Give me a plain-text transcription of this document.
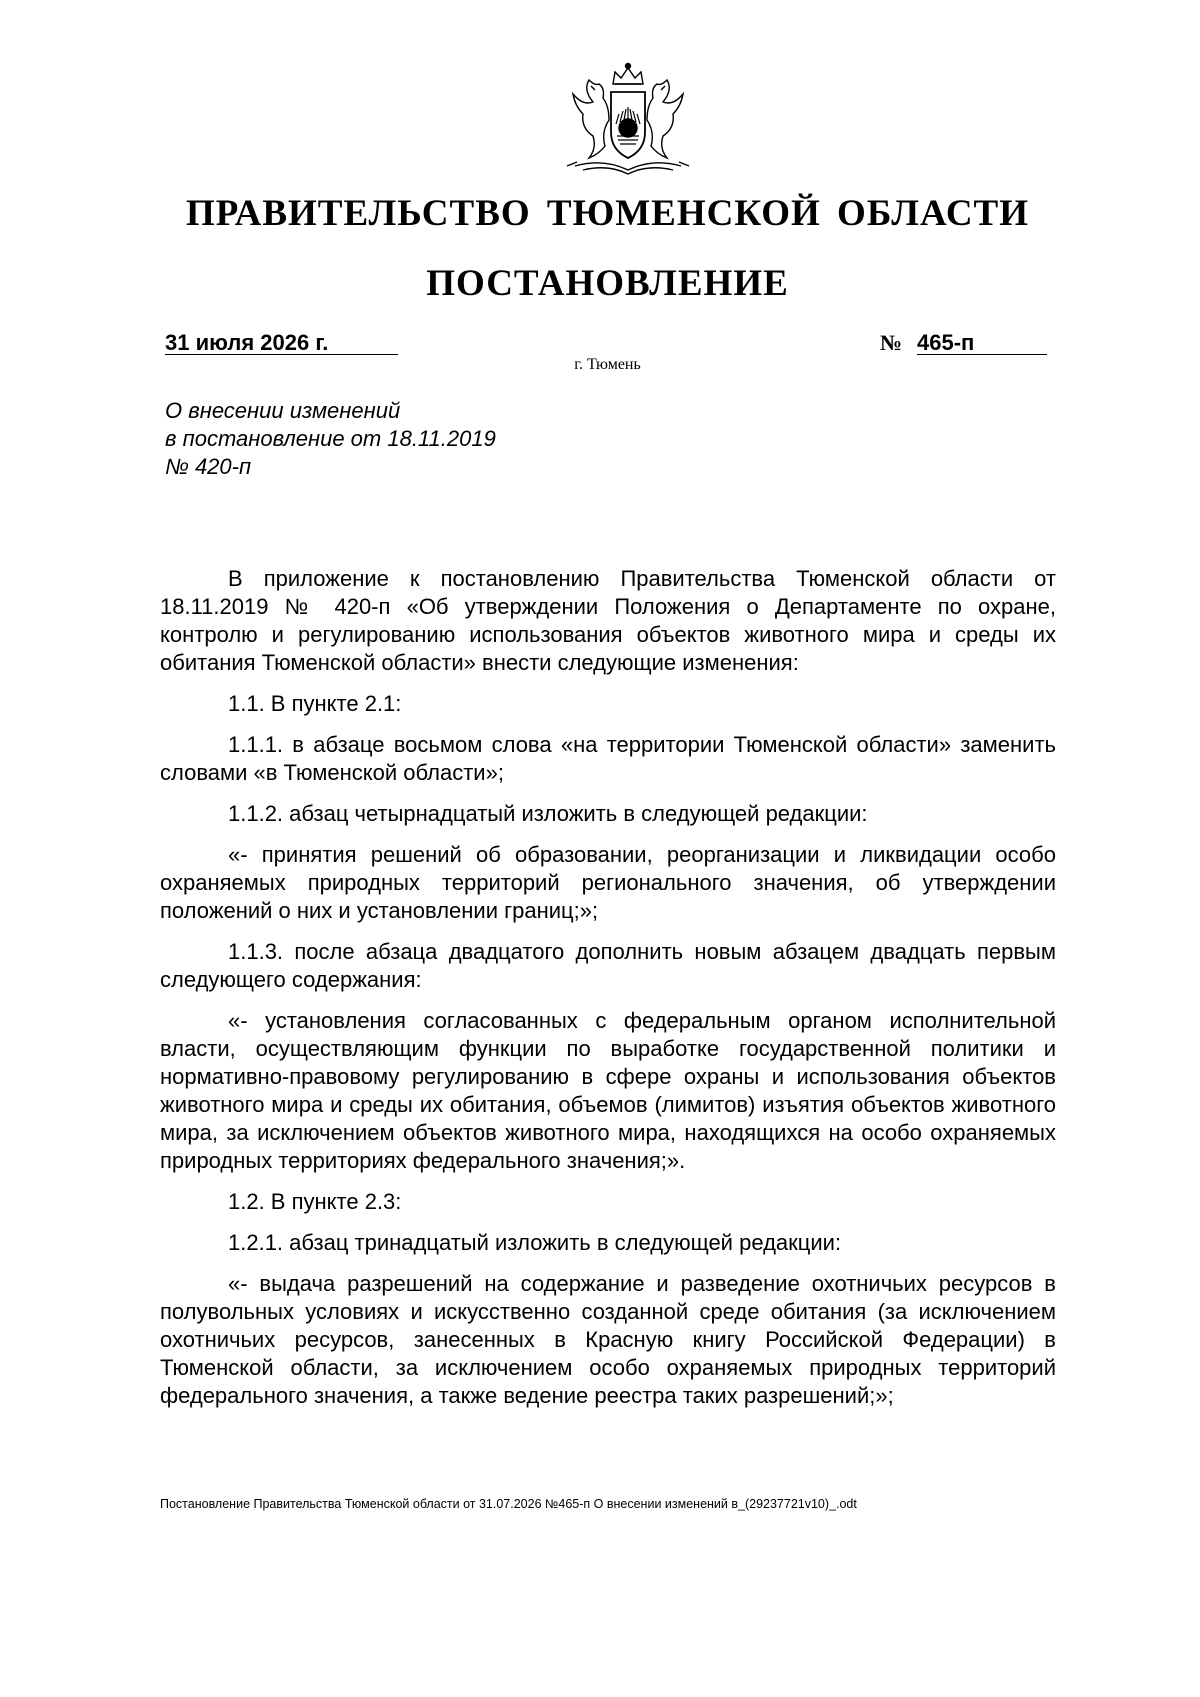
ПРАВИТЕЛЬСТВО ТЮМЕНСКОЙ ОБЛАСТИ
ПОСТАНОВЛЕНИЕ
31 июля 2026 г.	№ 465-п
г. Тюмень
О внесении изменений
в постановление от 18.11.2019
№ 420-п

В приложение к постановлению Правительства Тюменской области от 18.11.2019 № 420-п «Об утверждении Положения о Департаменте по охране, контролю и регулированию использования объектов животного мира и среды их обитания Тюменской области» внести следующие изменения:

1.1. В пункте 2.1:

1.1.1. в абзаце восьмом слова «на территории Тюменской области» заменить словами «в Тюменской области»;

1.1.2. абзац четырнадцатый изложить в следующей редакции:

«- принятия решений об образовании, реорганизации и ликвидации особо охраняемых природных территорий регионального значения, об утверждении положений о них и установлении границ;»;

1.1.3. после абзаца двадцатого дополнить новым абзацем двадцать первым следующего содержания:

«- установления согласованных с федеральным органом исполнительной власти, осуществляющим функции по выработке государственной политики и нормативно-правовому регулированию в сфере охраны и использования объектов животного мира и среды их обитания, объемов (лимитов) изъятия объектов животного мира, за исключением объектов животного мира, находящихся на особо охраняемых природных территориях федерального значения;».

1.2. В пункте 2.3:

1.2.1. абзац тринадцатый изложить в следующей редакции:

«- выдача разрешений на содержание и разведение охотничьих ресурсов в полувольных условиях и искусственно созданной среде обитания (за исключением охотничьих ресурсов, занесенных в Красную книгу Российской Федерации) в Тюменской области, за исключением особо охраняемых природных территорий федерального значения, а также ведение реестра таких разрешений;»;

Постановление Правительства Тюменской области от 31.07.2026 №465-п О внесении изменений в_(29237721v10)_.odt
